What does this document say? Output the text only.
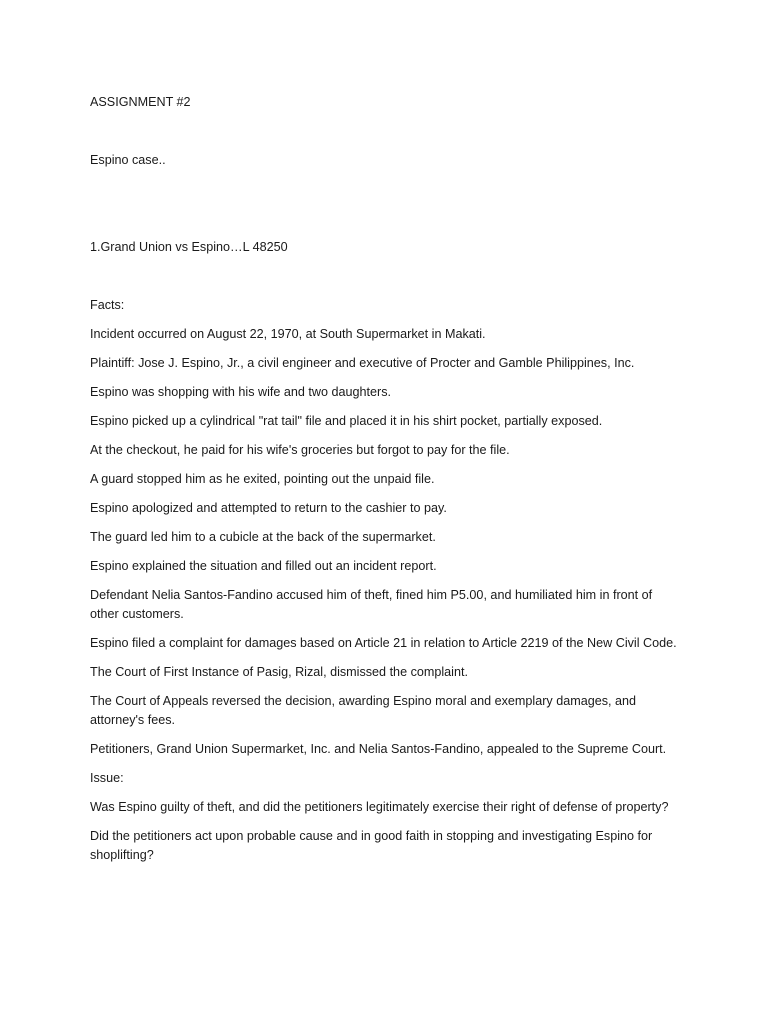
ASSIGNMENT #2

Espino case..

1.Grand Union vs Espino…L 48250

Facts:

Incident occurred on August 22, 1970, at South Supermarket in Makati.

Plaintiff: Jose J. Espino, Jr., a civil engineer and executive of Procter and Gamble Philippines, Inc.

Espino was shopping with his wife and two daughters.

Espino picked up a cylindrical "rat tail" file and placed it in his shirt pocket, partially exposed.

At the checkout, he paid for his wife's groceries but forgot to pay for the file.

A guard stopped him as he exited, pointing out the unpaid file.

Espino apologized and attempted to return to the cashier to pay.

The guard led him to a cubicle at the back of the supermarket.

Espino explained the situation and filled out an incident report.

Defendant Nelia Santos-Fandino accused him of theft, fined him P5.00, and humiliated him in front of other customers.

Espino filed a complaint for damages based on Article 21 in relation to Article 2219 of the New Civil Code.

The Court of First Instance of Pasig, Rizal, dismissed the complaint.

The Court of Appeals reversed the decision, awarding Espino moral and exemplary damages, and attorney's fees.

Petitioners, Grand Union Supermarket, Inc. and Nelia Santos-Fandino, appealed to the Supreme Court.

Issue:

Was Espino guilty of theft, and did the petitioners legitimately exercise their right of defense of property?

Did the petitioners act upon probable cause and in good faith in stopping and investigating Espino for shoplifting?
